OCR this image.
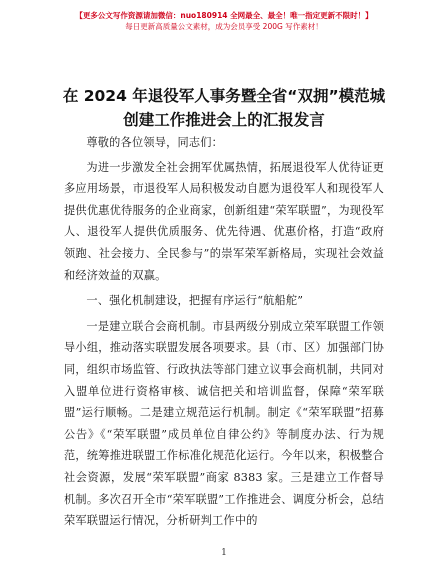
【更多公文写作资源请加微信：nuo180914 全网最全、最全！唯一指定更新不限时！】
每日更新高质量公文素材，成为会员享受 200G 写作素材！
在 2024 年退役军人事务暨全省“双拥”模范城
创建工作推进会上的汇报发言

尊敬的各位领导，同志们：

为进一步激发全社会拥军优属热情，拓展退役军人优待证更多应用场景，市退役军人局积极发动自愿为退役军人和现役军人提供优惠优待服务的企业商家，创新组建“荣军联盟”，为现役军人、退役军人提供优质服务、优先待遇、优惠价格，打造“政府领跑、社会接力、全民参与”的崇军荣军新格局，实现社会效益和经济效益的双赢。

一、强化机制建设，把握有序运行“航船舵”

一是建立联合会商机制。市县两级分别成立荣军联盟工作领导小组，推动落实联盟发展各项要求。县（市、区）加强部门协同，组织市场监管、行政执法等部门建立议事会商机制，共同对入盟单位进行资格审核、诚信把关和培训监督，保障“荣军联盟”运行顺畅。二是建立规范运行机制。制定《“荣军联盟”招募公告》《“荣军联盟”成员单位自律公约》等制度办法、行为规范，统筹推进联盟工作标准化规范化运行。今年以来，积极整合社会资源，发展“荣军联盟”商家 8383 家。三是建立工作督导机制。多次召开全市“荣军联盟”工作推进会、调度分析会，总结荣军联盟运行情况，分析研判工作中的

1
